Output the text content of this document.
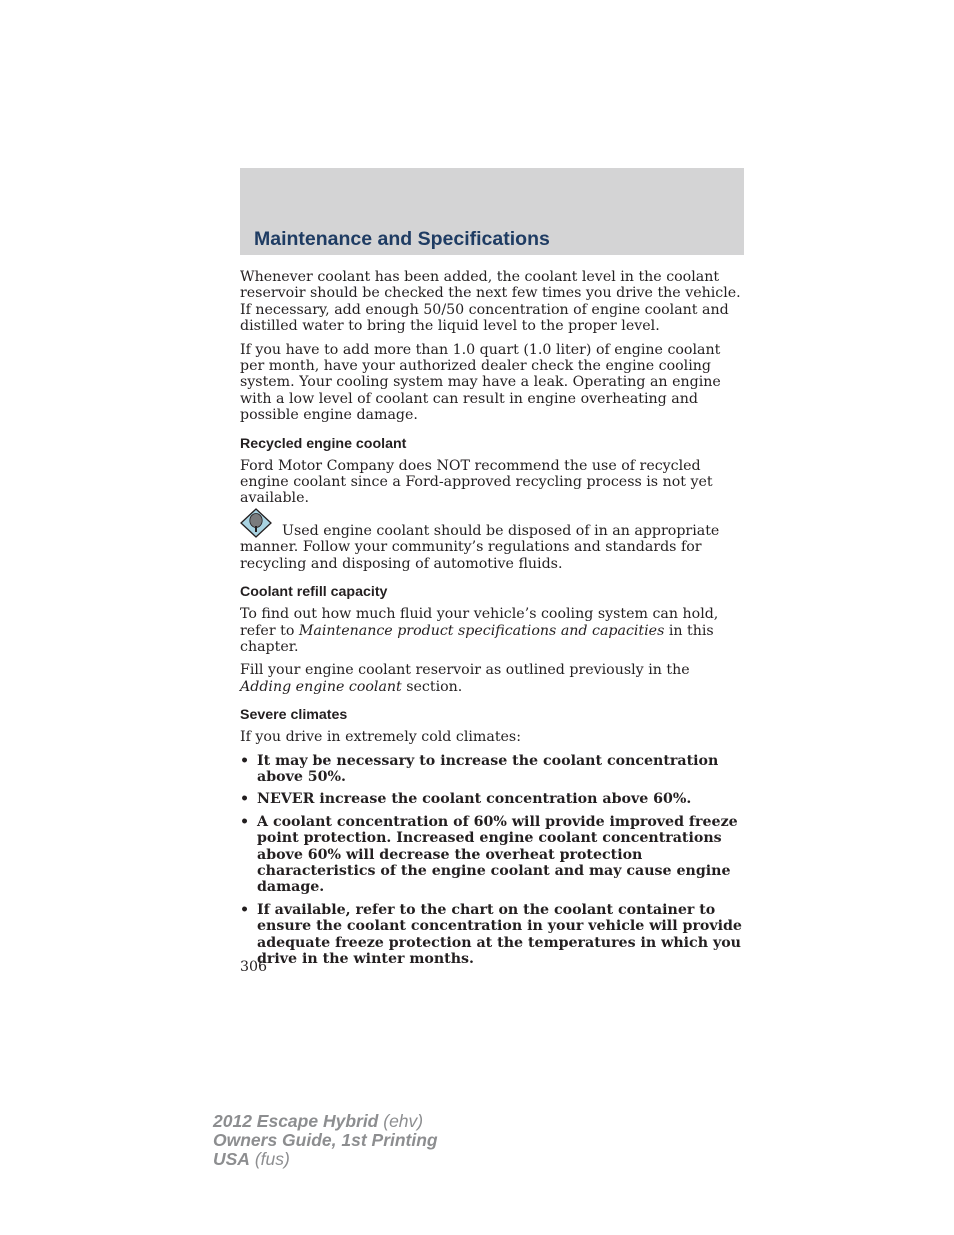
Maintenance and Specifications

Whenever coolant has been added, the coolant level in the coolant reservoir should be checked the next few times you drive the vehicle. If necessary, add enough 50/50 concentration of engine coolant and distilled water to bring the liquid level to the proper level.

If you have to add more than 1.0 quart (1.0 liter) of engine coolant per month, have your authorized dealer check the engine cooling system. Your cooling system may have a leak. Operating an engine with a low level of coolant can result in engine overheating and possible engine damage.

Recycled engine coolant

Ford Motor Company does NOT recommend the use of recycled engine coolant since a Ford-approved recycling process is not yet available.

Used engine coolant should be disposed of in an appropriate manner. Follow your community’s regulations and standards for recycling and disposing of automotive fluids.

Coolant refill capacity

To find out how much fluid your vehicle’s cooling system can hold, refer to Maintenance product specifications and capacities in this chapter.

Fill your engine coolant reservoir as outlined previously in the Adding engine coolant section.

Severe climates

If you drive in extremely cold climates:

• It may be necessary to increase the coolant concentration above 50%.
• NEVER increase the coolant concentration above 60%.
• A coolant concentration of 60% will provide improved freeze point protection. Increased engine coolant concentrations above 60% will decrease the overheat protection characteristics of the engine coolant and may cause engine damage.
• If available, refer to the chart on the coolant container to ensure the coolant concentration in your vehicle will provide adequate freeze protection at the temperatures in which you drive in the winter months.
306
2012 Escape Hybrid (ehv)
Owners Guide, 1st Printing
USA (fus)
